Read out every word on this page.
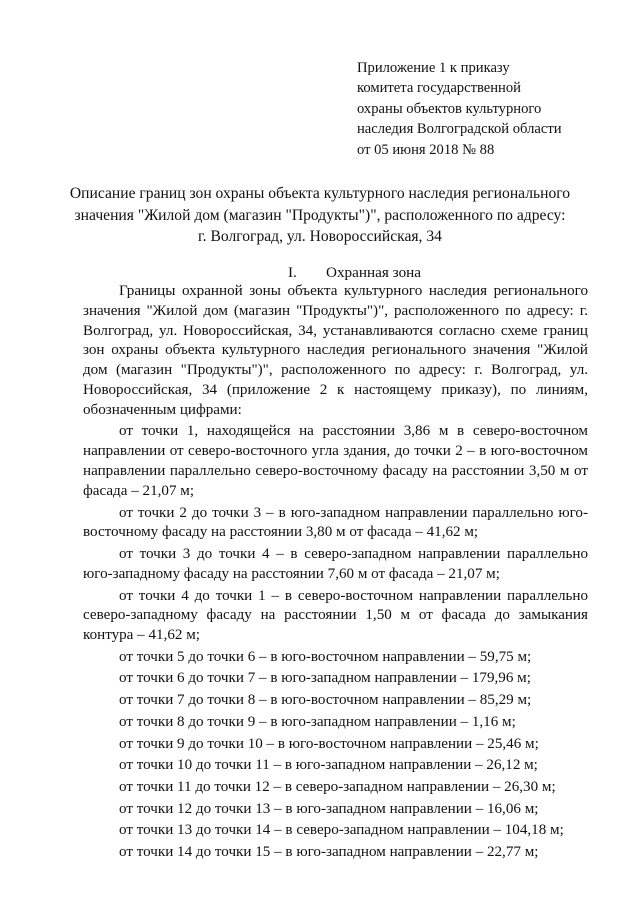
Приложение 1 к приказу
комитета государственной
охраны объектов культурного
наследия Волгоградской области
от 05 июня 2018 № 88
Описание границ зон охраны объекта культурного наследия регионального
значения "Жилой дом (магазин "Продукты")", расположенного по адресу:
г. Волгоград, ул. Новороссийская, 34
I. Охранная зона

Границы охранной зоны объекта культурного наследия регионального значения "Жилой дом (магазин "Продукты")", расположенного по адресу: г. Волгоград, ул. Новороссийская, 34, устанавливаются согласно схеме границ зон охраны объекта культурного наследия регионального значения "Жилой дом (магазин "Продукты")", расположенного по адресу: г. Волгоград, ул. Новороссийская, 34 (приложение 2 к настоящему приказу), по линиям, обозначенным цифрами:

от точки 1, находящейся на расстоянии 3,86 м в северо-восточном направлении от северо-восточного угла здания, до точки 2 – в юго-восточном направлении параллельно северо-восточному фасаду на расстоянии 3,50 м от фасада – 21,07 м;

от точки 2 до точки 3 – в юго-западном направлении параллельно юго-восточному фасаду на расстоянии 3,80 м от фасада – 41,62 м;

от точки 3 до точки 4 – в северо-западном направлении параллельно юго-западному фасаду на расстоянии 7,60 м от фасада – 21,07 м;

от точки 4 до точки 1 – в северо-восточном направлении параллельно северо-западному фасаду на расстоянии 1,50 м от фасада до замыкания контура – 41,62 м;

от точки 5 до точки 6 – в юго-восточном направлении – 59,75 м;

от точки 6 до точки 7 – в юго-западном направлении – 179,96 м;

от точки 7 до точки 8 – в юго-восточном направлении – 85,29 м;

от точки 8 до точки 9 – в юго-западном направлении – 1,16 м;

от точки 9 до точки 10 – в юго-восточном направлении – 25,46 м;

от точки 10 до точки 11 – в юго-западном направлении – 26,12 м;

от точки 11 до точки 12 – в северо-западном направлении – 26,30 м;

от точки 12 до точки 13 – в юго-западном направлении – 16,06 м;

от точки 13 до точки 14 – в северо-западном направлении – 104,18 м;

от точки 14 до точки 15 – в юго-западном направлении – 22,77 м;
